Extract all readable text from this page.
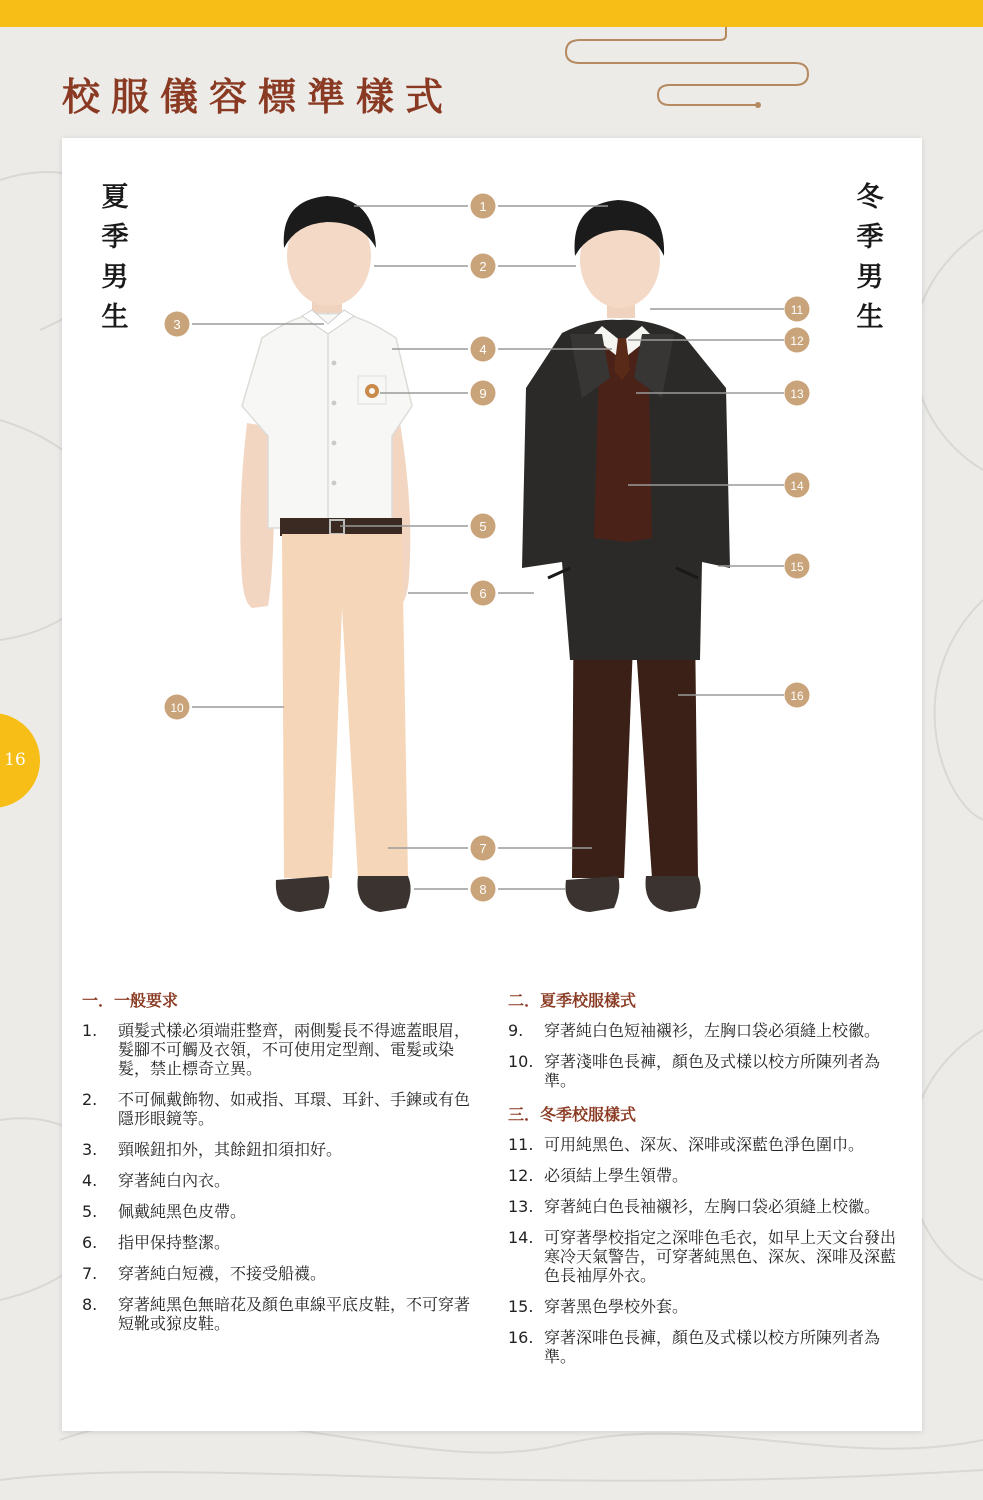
校服儀容標準樣式
16
夏季男生
冬季男生
1
2
3
4
9
5
6
10
7
8
11
12
13
14
15
16
一．一般要求
1.	頭髮式樣必須端莊整齊，兩側髮長不得遮蓋眼眉，髮腳不可觸及衣領，不可使用定型劑、電髮或染髮，禁止標奇立異。
2.	不可佩戴飾物、如戒指、耳環、耳針、手鍊或有色隱形眼鏡等。
3.	頸喉鈕扣外，其餘鈕扣須扣好。
4.	穿著純白內衣。
5.	佩戴純黑色皮帶。
6.	指甲保持整潔。
7.	穿著純白短襪，不接受船襪。
8.	穿著純黑色無暗花及顏色車線平底皮鞋，不可穿著短靴或猄皮鞋。
二．夏季校服樣式
9.	穿著純白色短袖襯衫，左胸口袋必須縫上校徽。
10. 穿著淺啡色長褲，顏色及式樣以校方所陳列者為準。
三．冬季校服樣式
11. 可用純黑色、深灰、深啡或深藍色淨色圍巾。
12. 必須結上學生領帶。
13. 穿著純白色長袖襯衫，左胸口袋必須縫上校徽。
14. 可穿著學校指定之深啡色毛衣，如早上天文台發出寒冷天氣警告，可穿著純黑色、深灰、深啡及深藍色長袖厚外衣。
15. 穿著黑色學校外套。
16. 穿著深啡色長褲，顏色及式樣以校方所陳列者為準。
